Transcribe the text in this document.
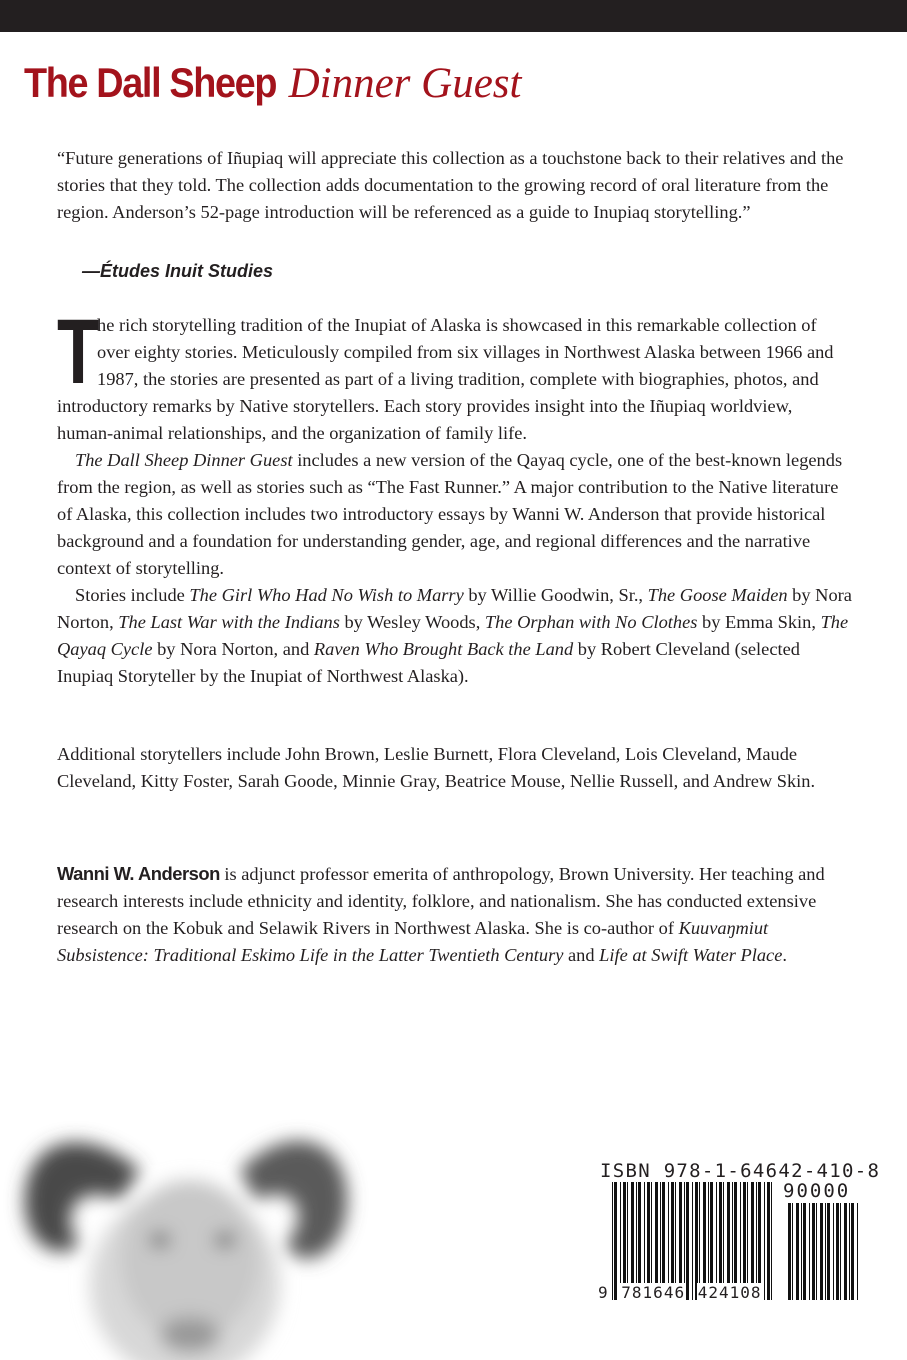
The Dall Sheep Dinner Guest
“Future generations of Iñupiaq will appreciate this collection as a touchstone back to their relatives and the stories that they told. The collection adds documentation to the growing record of oral literature from the region. Anderson’s 52-page introduction will be referenced as a guide to Inupiaq storytelling.”
—Études Inuit Studies

T
he rich storytelling tradition of the Inupiat of Alaska is showcased in this remarkable collection of over eighty stories. Meticulously compiled from six villages in Northwest Alaska between 1966 and 1987, the stories are presented as part of a living tradition, complete with biographies, photos, and introductory remarks by Native storytellers. Each story provides insight into the Iñupiaq worldview, human-animal relationships, and the organization of family life.

The Dall Sheep Dinner Guest includes a new version of the Qayaq cycle, one of the best-known legends from the region, as well as stories such as “The Fast Runner.” A major contribution to the Native literature of Alaska, this collection includes two introductory essays by Wanni W. Anderson that provide historical background and a foundation for understanding gender, age, and regional differences and the narrative context of storytelling.

Stories include The Girl Who Had No Wish to Marry by Willie Goodwin, Sr., The Goose Maiden by Nora Norton, The Last War with the Indians by Wesley Woods, The Orphan with No Clothes by Emma Skin, The Qayaq Cycle by Nora Norton, and Raven Who Brought Back the Land by Robert Cleveland (selected Inupiaq Storyteller by the Inupiat of Northwest Alaska).

Additional storytellers include John Brown, Leslie Burnett, Flora Cleveland, Lois Cleveland, Maude Cleveland, Kitty Foster, Sarah Goode, Minnie Gray, Beatrice Mouse, Nellie Russell, and Andrew Skin.
Wanni W. Anderson is adjunct professor emerita of anthropology, Brown University. Her teaching and research interests include ethnicity and identity, folklore, and nationalism. She has conducted extensive research on the Kobuk and Selawik Rivers in Northwest Alaska. She is co-author of Kuuvaŋmiut Subsistence: Traditional Eskimo Life in the Latter Twentieth Century and Life at Swift Water Place.
ISBN 978-1-64642-410-8
90000
9 781646 424108
